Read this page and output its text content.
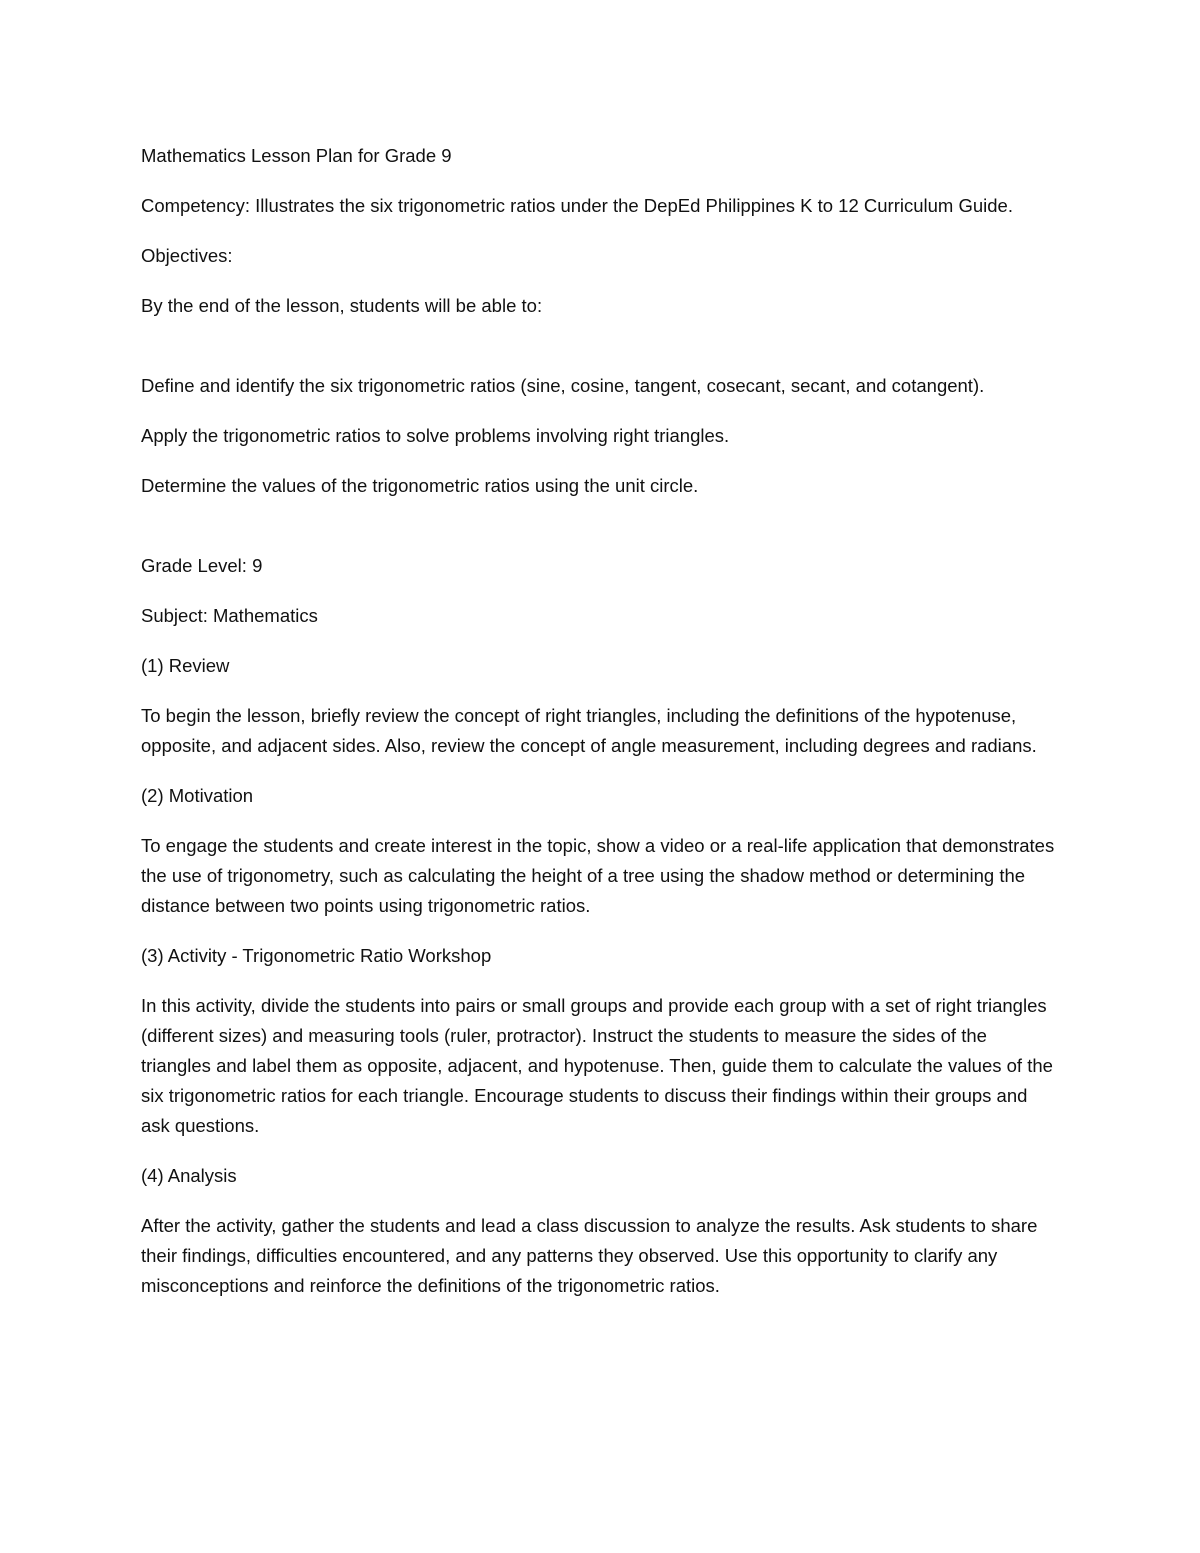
Mathematics Lesson Plan for Grade 9

Competency: Illustrates the six trigonometric ratios under the DepEd Philippines K to 12 Curriculum Guide.

Objectives:

By the end of the lesson, students will be able to:

Define and identify the six trigonometric ratios (sine, cosine, tangent, cosecant, secant, and cotangent).

Apply the trigonometric ratios to solve problems involving right triangles.

Determine the values of the trigonometric ratios using the unit circle.

Grade Level: 9

Subject: Mathematics

(1) Review

To begin the lesson, briefly review the concept of right triangles, including the definitions of the hypotenuse, opposite, and adjacent sides. Also, review the concept of angle measurement, including degrees and radians.

(2) Motivation

To engage the students and create interest in the topic, show a video or a real-life application that demonstrates the use of trigonometry, such as calculating the height of a tree using the shadow method or determining the distance between two points using trigonometric ratios.

(3) Activity - Trigonometric Ratio Workshop

In this activity, divide the students into pairs or small groups and provide each group with a set of right triangles (different sizes) and measuring tools (ruler, protractor). Instruct the students to measure the sides of the triangles and label them as opposite, adjacent, and hypotenuse. Then, guide them to calculate the values of the six trigonometric ratios for each triangle. Encourage students to discuss their findings within their groups and ask questions.

(4) Analysis

After the activity, gather the students and lead a class discussion to analyze the results. Ask students to share their findings, difficulties encountered, and any patterns they observed. Use this opportunity to clarify any misconceptions and reinforce the definitions of the trigonometric ratios.
